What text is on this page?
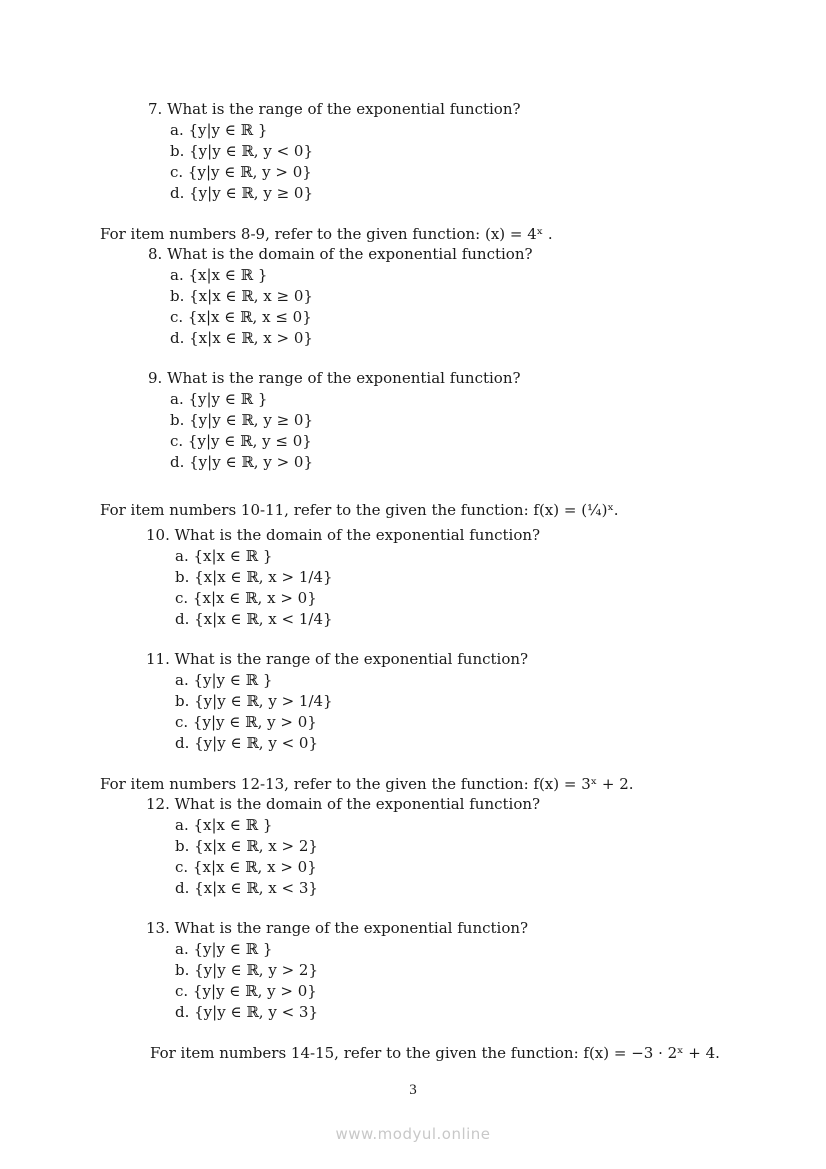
7. What is the range of the exponential function?
a. {y|y ∈ ℝ }
b. {y|y ∈ ℝ, y < 0}
c. {y|y ∈ ℝ, y > 0}
d. {y|y ∈ ℝ, y ≥ 0}
For item numbers 8-9, refer to the given function: (x) = 4ˣ .
8. What is the domain of the exponential function?
a. {x|x ∈ ℝ }
b. {x|x ∈ ℝ, x ≥ 0}
c. {x|x ∈ ℝ, x ≤ 0}
d. {x|x ∈ ℝ, x > 0}
9. What is the range of the exponential function?
a. {y|y ∈ ℝ }
b. {y|y ∈ ℝ, y ≥ 0}
c. {y|y ∈ ℝ, y ≤ 0}
d. {y|y ∈ ℝ, y > 0}
For item numbers 10-11, refer to the given the function: f(x) = (¼)ˣ.
10. What is the domain of the exponential function?
a. {x|x ∈ ℝ }
b. {x|x ∈ ℝ, x > 1/4}
c. {x|x ∈ ℝ, x > 0}
d. {x|x ∈ ℝ, x < 1/4}
11. What is the range of the exponential function?
a. {y|y ∈ ℝ }
b. {y|y ∈ ℝ, y > 1/4}
c. {y|y ∈ ℝ, y > 0}
d. {y|y ∈ ℝ, y < 0}
For item numbers 12-13, refer to the given the function: f(x) = 3ˣ + 2.
12. What is the domain of the exponential function?
a. {x|x ∈ ℝ }
b. {x|x ∈ ℝ, x > 2}
c. {x|x ∈ ℝ, x > 0}
d. {x|x ∈ ℝ, x < 3}
13. What is the range of the exponential function?
a. {y|y ∈ ℝ }
b. {y|y ∈ ℝ, y > 2}
c. {y|y ∈ ℝ, y > 0}
d. {y|y ∈ ℝ, y < 3}
For item numbers 14-15, refer to the given the function: f(x) = −3 · 2ˣ + 4.
3
www.modyul.online
